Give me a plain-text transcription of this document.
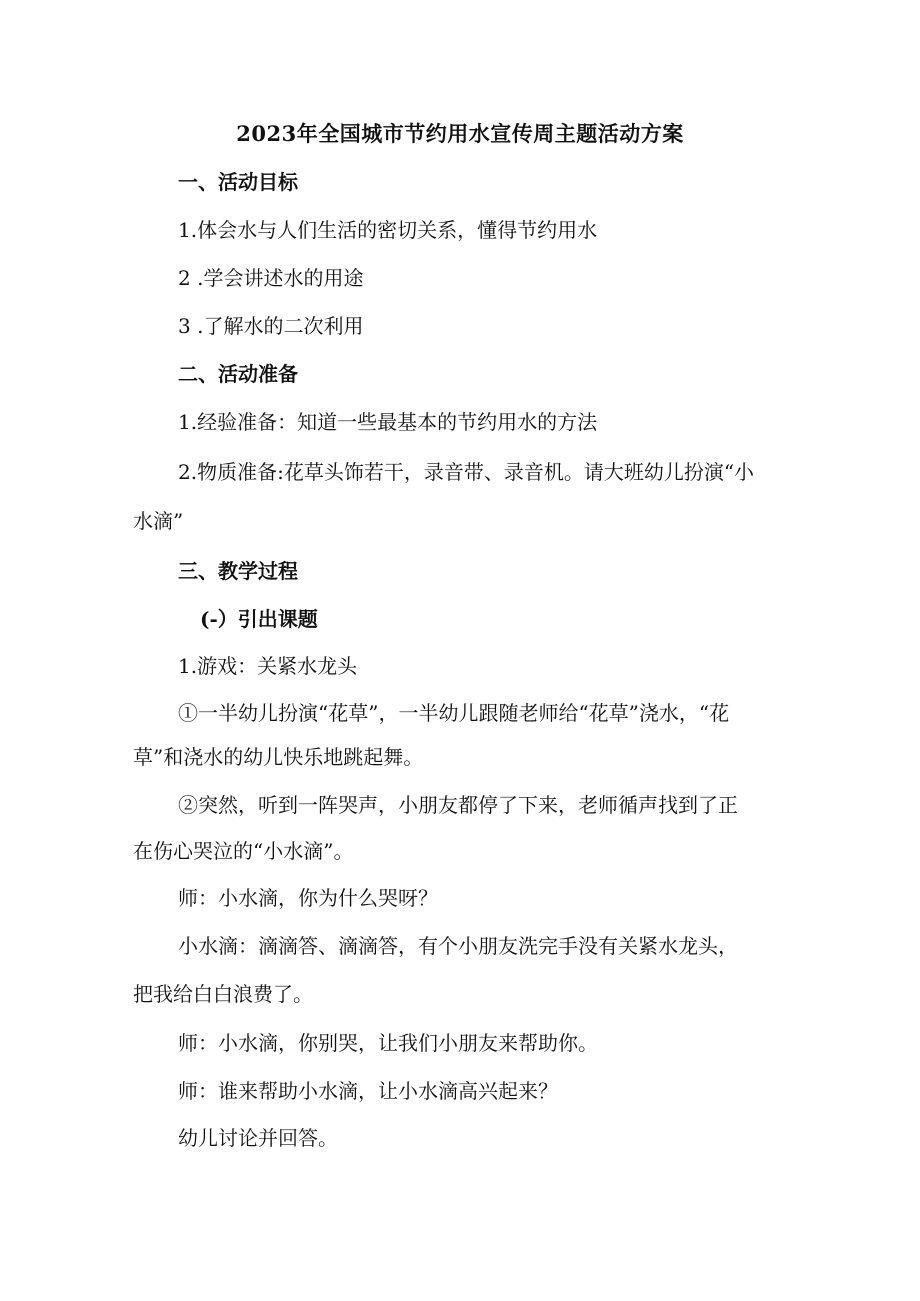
2023年全国城市节约用水宣传周主题活动方案

一、活动目标

1.体会水与人们生活的密切关系，懂得节约用水

2 .学会讲述水的用途

3 .了解水的二次利用

二、活动准备

1.经验准备：知道一些最基本的节约用水的方法

2.物质准备:花草头饰若干，录音带、录音机。请大班幼儿扮演“小

水滴”

三、教学过程

(-）引出课题

1.游戏：关紧水龙头

①一半幼儿扮演“花草”，一半幼儿跟随老师给“花草”浇水，“花

草”和浇水的幼儿快乐地跳起舞。

②突然，听到一阵哭声，小朋友都停了下来，老师循声找到了正

在伤心哭泣的“小水滴”。

师：小水滴，你为什么哭呀？

小水滴：滴滴答、滴滴答，有个小朋友洗完手没有关紧水龙头，

把我给白白浪费了。

师：小水滴，你别哭，让我们小朋友来帮助你。

师：谁来帮助小水滴，让小水滴高兴起来？

幼儿讨论并回答。
